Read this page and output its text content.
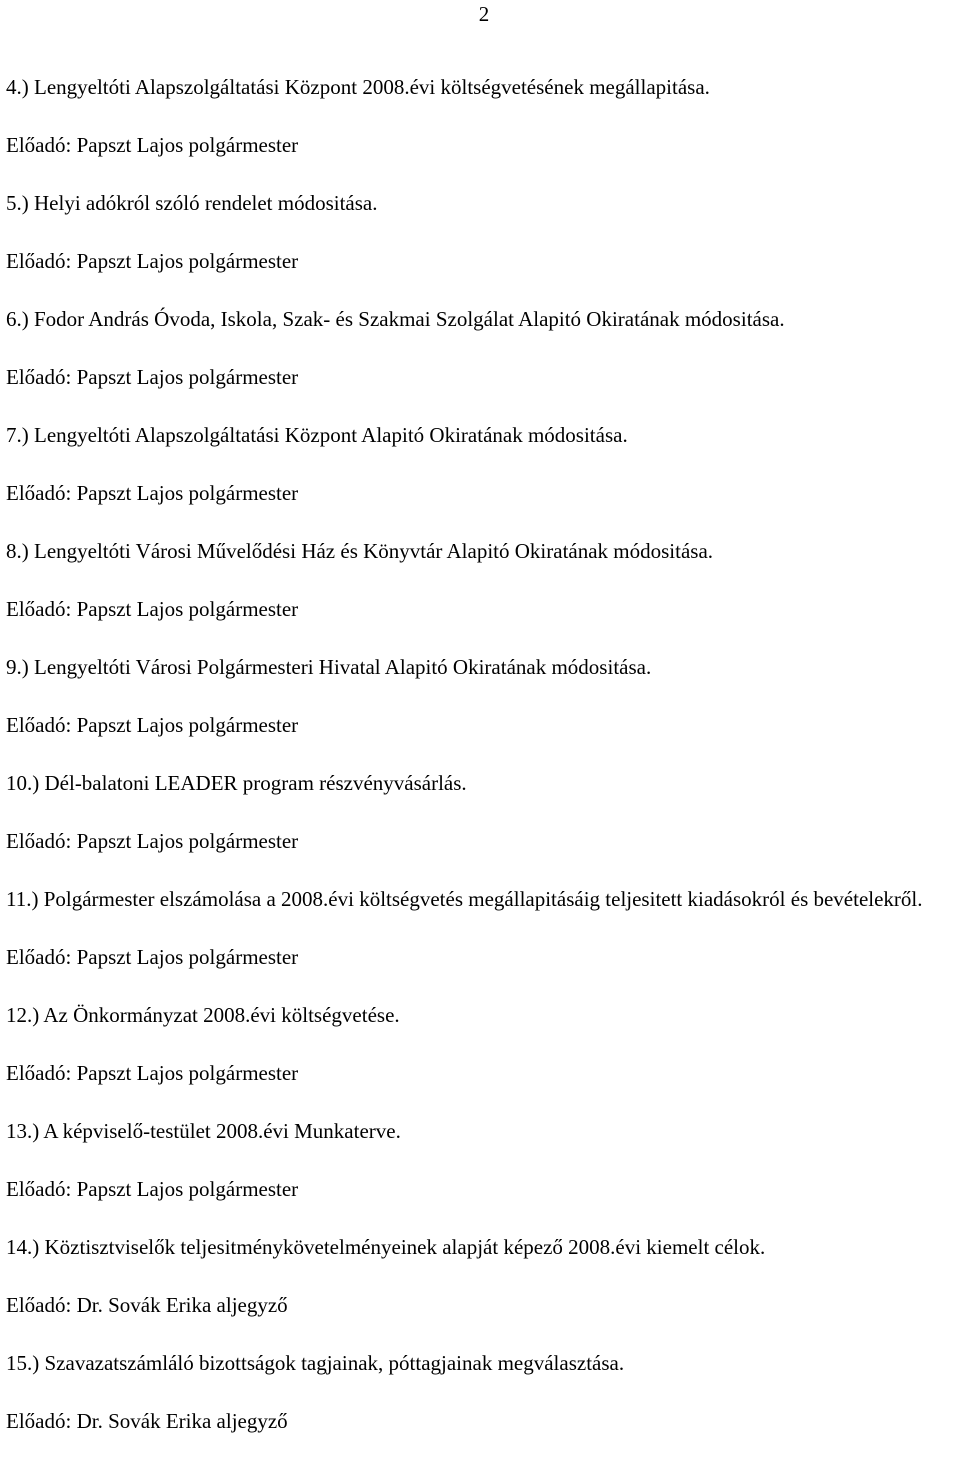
2
4.) Lengyeltóti Alapszolgáltatási Központ 2008.évi költségvetésének megállapitása.
Előadó: Papszt Lajos polgármester
5.) Helyi adókról szóló rendelet módositása.
Előadó: Papszt Lajos polgármester
6.) Fodor András Óvoda, Iskola, Szak- és Szakmai Szolgálat Alapitó Okiratának módositása.
Előadó: Papszt Lajos polgármester
7.) Lengyeltóti Alapszolgáltatási Központ Alapitó Okiratának módositása.
Előadó: Papszt Lajos polgármester
8.) Lengyeltóti Városi Művelődési Ház és Könyvtár Alapitó Okiratának módositása.
Előadó: Papszt Lajos polgármester
9.) Lengyeltóti Városi Polgármesteri Hivatal Alapitó Okiratának módositása.
Előadó: Papszt Lajos polgármester
10.) Dél-balatoni LEADER program részvényvásárlás.
Előadó: Papszt Lajos polgármester
11.) Polgármester elszámolása a 2008.évi költségvetés megállapitásáig teljesitett kiadásokról és bevételekről.
Előadó: Papszt Lajos polgármester
12.) Az Önkormányzat 2008.évi költségvetése.
Előadó: Papszt Lajos polgármester
13.) A képviselő-testület 2008.évi Munkaterve.
Előadó: Papszt Lajos polgármester
14.) Köztisztviselők teljesitménykövetelményeinek alapját képező 2008.évi kiemelt célok.
Előadó: Dr. Sovák Erika aljegyző
15.) Szavazatszámláló bizottságok tagjainak, póttagjainak megválasztása.
Előadó: Dr. Sovák Erika aljegyző
